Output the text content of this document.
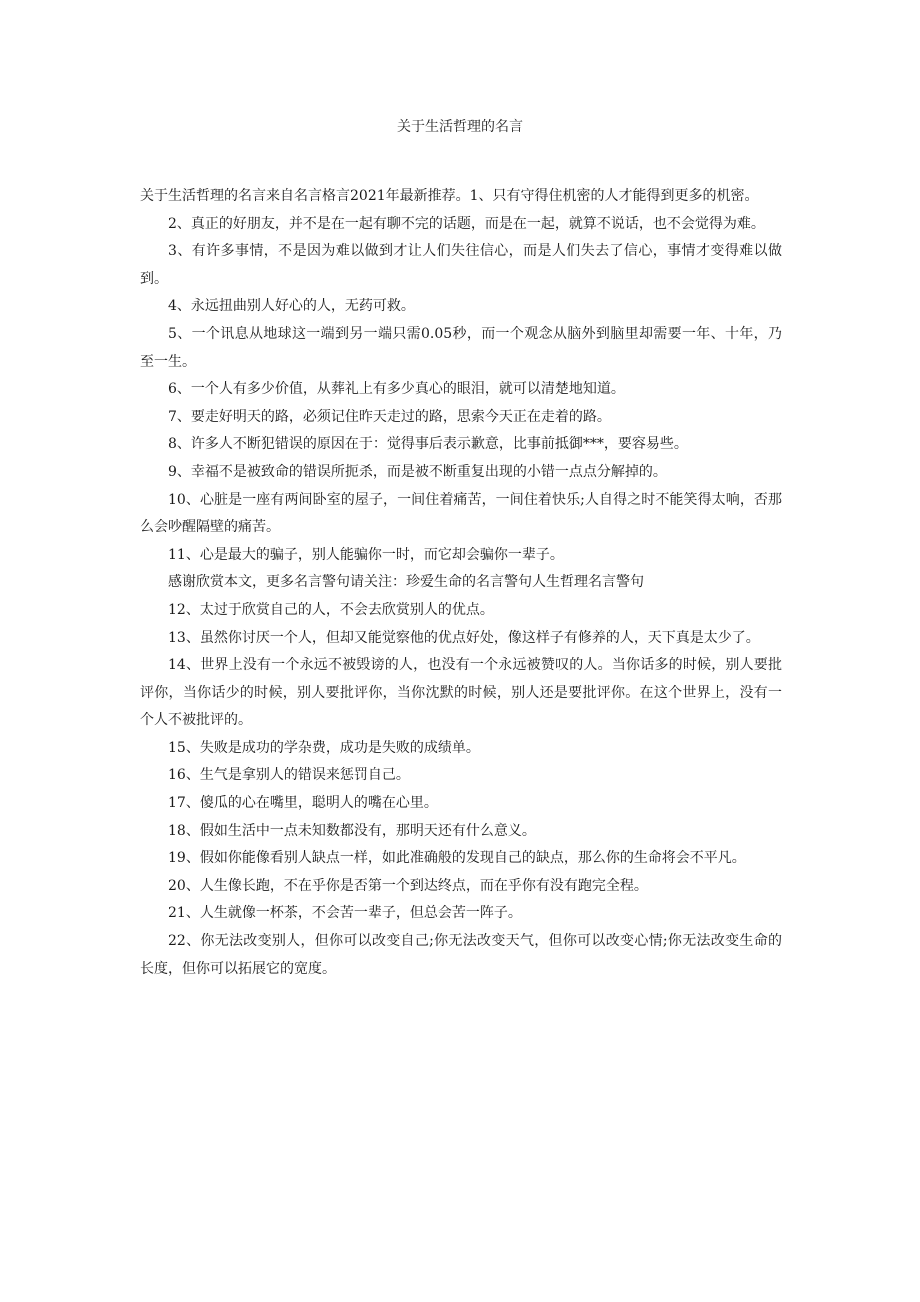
关于生活哲理的名言

关于生活哲理的名言来自名言格言2021年最新推荐。1、只有守得住机密的人才能得到更多的机密。

2、真正的好朋友，并不是在一起有聊不完的话题，而是在一起，就算不说话，也不会觉得为难。

3、有许多事情，不是因为难以做到才让人们失往信心，而是人们失去了信心，事情才变得难以做到。

4、永远扭曲别人好心的人，无药可救。

5、一个讯息从地球这一端到另一端只需0.05秒，而一个观念从脑外到脑里却需要一年、十年，乃至一生。

6、一个人有多少价值，从葬礼上有多少真心的眼泪，就可以清楚地知道。

7、要走好明天的路，必须记住昨天走过的路，思索今天正在走着的路。

8、许多人不断犯错误的原因在于：觉得事后表示歉意，比事前抵御***，要容易些。

9、幸福不是被致命的错误所扼杀，而是被不断重复出现的小错一点点分解掉的。

10、心脏是一座有两间卧室的屋子，一间住着痛苦，一间住着快乐;人自得之时不能笑得太响，否那么会吵醒隔壁的痛苦。

11、心是最大的骗子，别人能骗你一时，而它却会骗你一辈子。

感谢欣赏本文，更多名言警句请关注：珍爱生命的名言警句人生哲理名言警句

12、太过于欣赏自己的人，不会去欣赏别人的优点。

13、虽然你讨厌一个人，但却又能觉察他的优点好处，像这样子有修养的人，天下真是太少了。

14、世界上没有一个永远不被毁谤的人，也没有一个永远被赞叹的人。当你话多的时候，别人要批评你，当你话少的时候，别人要批评你，当你沈默的时候，别人还是要批评你。在这个世界上，没有一个人不被批评的。

15、失败是成功的学杂费，成功是失败的成绩单。

16、生气是拿别人的错误来惩罚自己。

17、傻瓜的心在嘴里，聪明人的嘴在心里。

18、假如生活中一点未知数都没有，那明天还有什么意义。

19、假如你能像看别人缺点一样，如此准确般的发现自己的缺点，那么你的生命将会不平凡。

20、人生像长跑，不在乎你是否第一个到达终点，而在乎你有没有跑完全程。

21、人生就像一杯茶，不会苦一辈子，但总会苦一阵子。

22、你无法改变别人，但你可以改变自己;你无法改变天气，但你可以改变心情;你无法改变生命的长度，但你可以拓展它的宽度。
